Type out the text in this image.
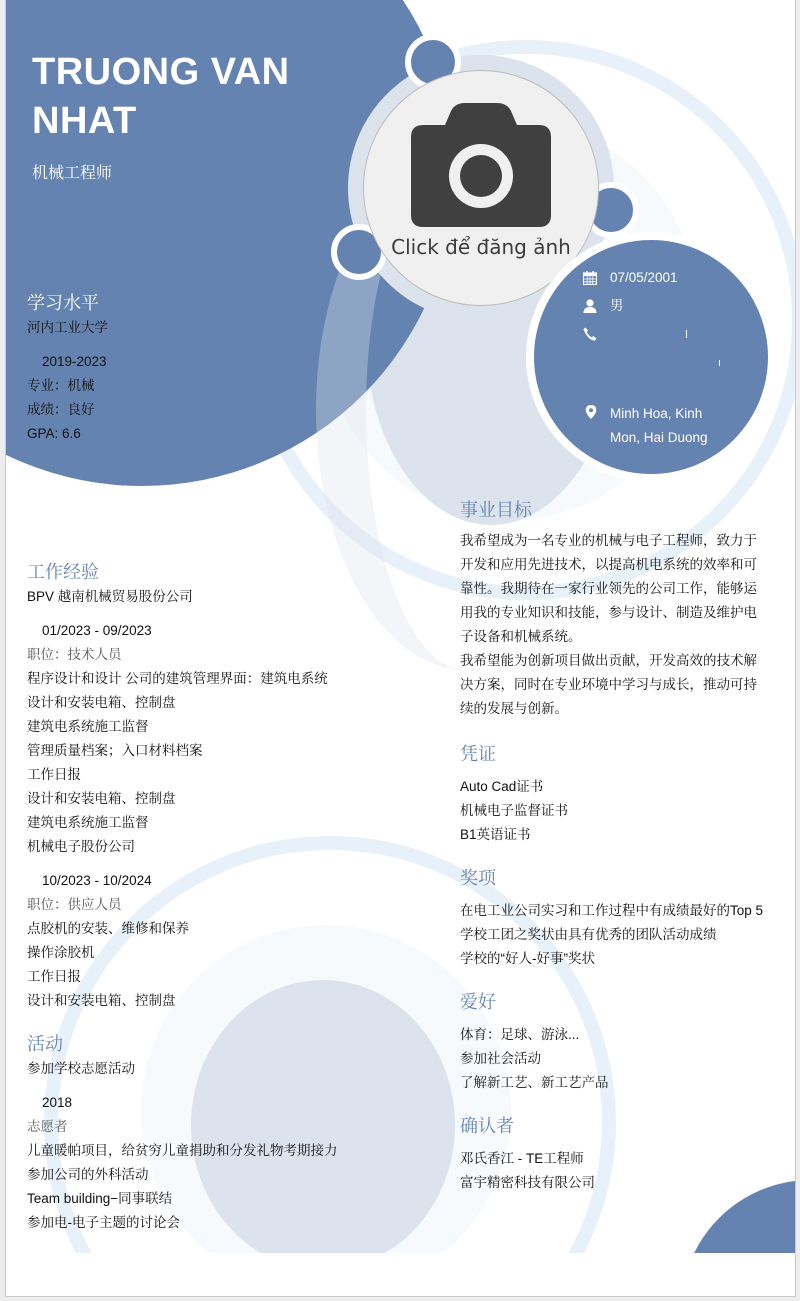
Click để đăng ảnh
07/05/2001
男
Minh Hoa, Kinh
Mon, Hai Duong
TRUONG VAN
NHAT
机械工程师
学习水平
河内工业大学
2019-2023
专业：机械
成绩：良好
GPA: 6.6
工作经验
BPV 越南机械贸易股份公司
01/2023 - 09/2023
职位：技术人员
程序设计和设计 公司的建筑管理界面：建筑电系统
设计和安装电箱、控制盘
建筑电系统施工监督
管理质量档案；入口材料档案
工作日报
设计和安装电箱、控制盘
建筑电系统施工监督
机械电子股份公司
10/2023 - 10/2024
职位：供应人员
点胶机的安装、维修和保养
操作涂胶机
工作日报
设计和安装电箱、控制盘
活动
参加学校志愿活动
2018
志愿者
儿童暖帕项目，给贫穷儿童捐助和分发礼物考期接力
参加公司的外科活动
Team building−同事联结
参加电-电子主题的讨论会
事业目标
我希望成为一名专业的机械与电子工程师，致力于
开发和应用先进技术，以提高机电系统的效率和可
靠性。我期待在一家行业领先的公司工作，能够运
用我的专业知识和技能，参与设计、制造及维护电
子设备和机械系统。
我希望能为创新项目做出贡献，开发高效的技术解
决方案，同时在专业环境中学习与成长，推动可持
续的发展与创新。
凭证
Auto Cad证书
机械电子监督证书
B1英语证书
奖项
在电工业公司实习和工作过程中有成绩最好的Top 5
学校工团之奖状由具有优秀的团队活动成绩
学校的“好人-好事”奖状
爱好
体育：足球、游泳...
参加社会活动
了解新工艺、新工艺产品
确认者
邓氏香江 - TE工程师
富宇精密科技有限公司
